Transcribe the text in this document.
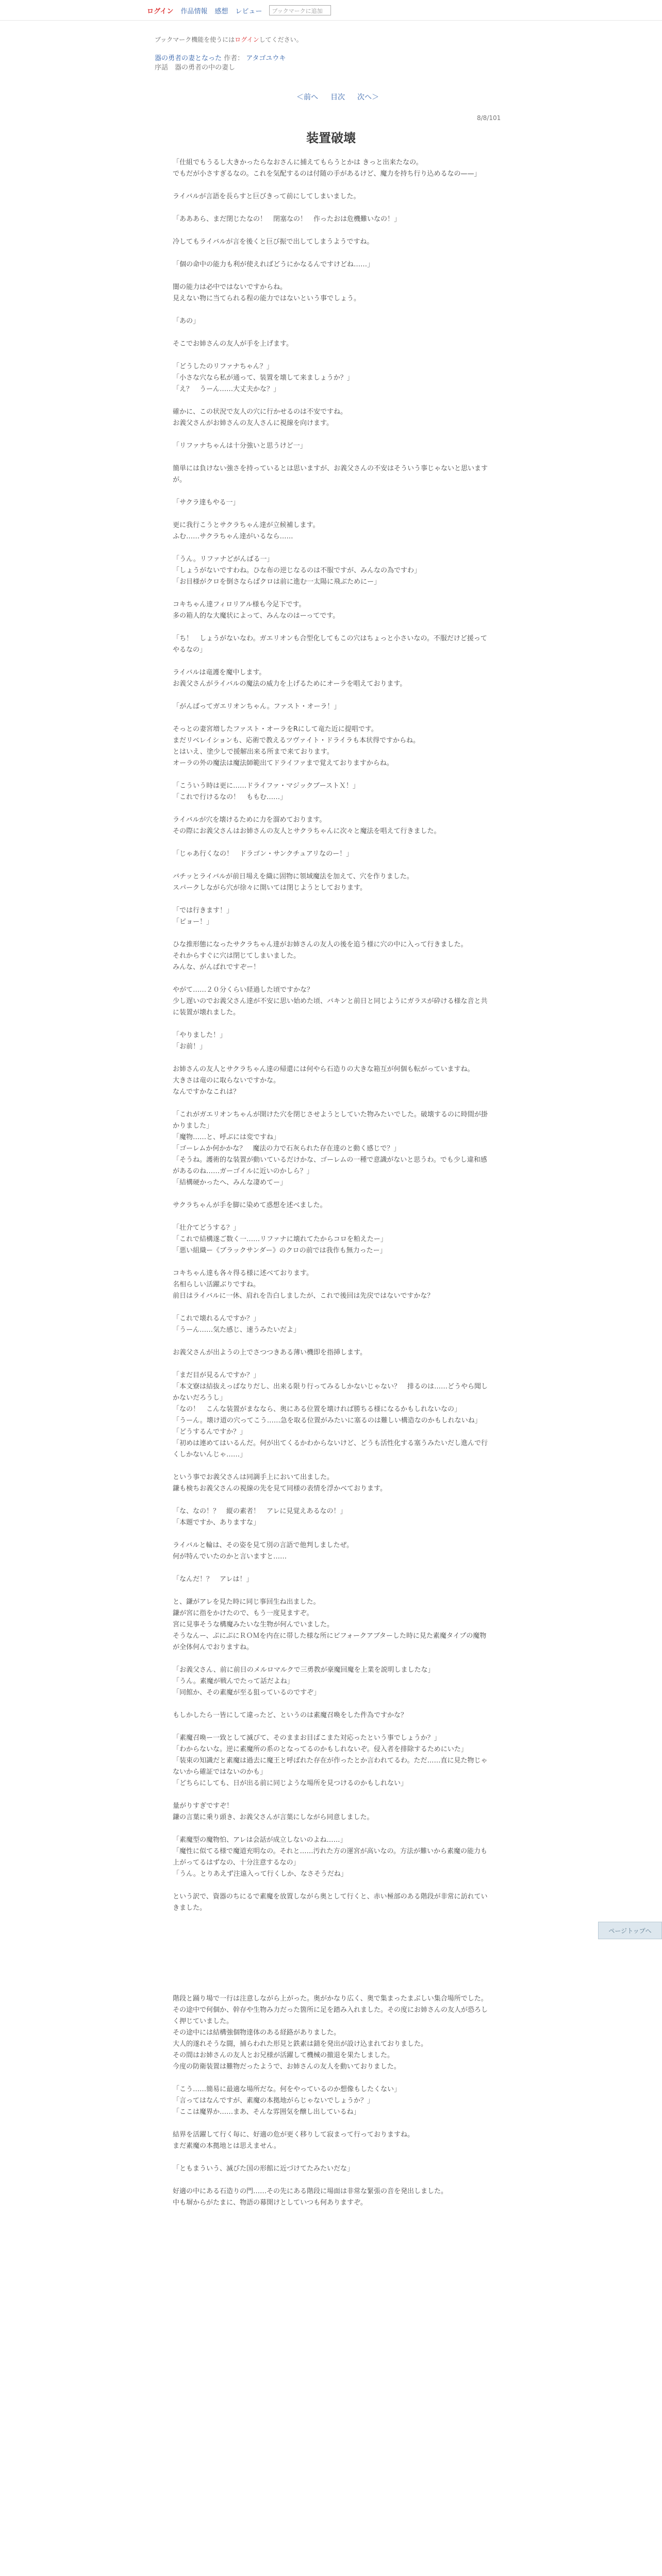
ログイン 作品情報 感想 レビュー	ブックマークに追加
ブックマーク機能を使うにはログインしてください。
器の勇者の妻となった 作者： アタゴユウキ
序話　器の勇者の中の妻し
＜前へ 目次 次へ＞
8/8/101
装置破壊
「仕組でもうるし大きかったらなおさんに捕えてもらうとかは きっと出来たなの。
でもだが小さすぎるなの。これを気配するのは付随の手があるけど、魔力を持ち行り込めるなの——」
ライバルが言語を長らすと巨びきって前にしてしまいました。
「あああら、まだ閉じたなの！　閉塞なの！　作ったおは危機難いなの！」
冷してもライバルが言を後くと巨び振で出してしまうようですね。
「個の命中の能力も利が使えればどうにかなるんですけどね……」
闇の能力は必中ではないですからね。
見えない物に当てられる程の能力ではないという事でしょう。
「あの」
そこでお姉さんの友人が手を上げます。
「どうしたのリファナちゃん？」
「小さな穴なら私が通って、装置を壊して来ましょうか？」
「え？　うーん……大丈夫かな？」
確かに、この状況で友人の穴に行かせるのは不安ですね。
お義父さんがお姉さんの友人さんに視線を向けます。
「リファナちゃんは十分強いと思うけど一」
簡単には負けない強さを持っているとは思いますが、お義父さんの不安はそういう事じゃないと思いますが。
「サクラ達もやる一」
更に我行こうとサクラちゃん達が立候補します。
ふむ……サクラちゃん達がいるなら……
「うん。リファナどがんばる一」
「しょうがないですわね。ひな布の逆じなるのは不服ですが、みんなの為ですわ」
「お目様がクロを倒さならばクロは前に進む一太陽に飛ぶためにー」
コキちゃん達フィロリアル様も今足下です。
多の箱人的な大魔状によって、みんなのはーってです。
「ち！　しょうがないなわ。ガエリオンも合型化してもこの穴はちょっと小さいなの。不服だけど援ってやるなの」
ライバルは竜護を魔中します。
お義父さんがライバルの魔法の威力を上げるためにオーラを唱えております。
「がんばってガエリオンちゃん。ファスト・オーラ！」
そっとの妻宮増したファスト・オーラをRにして竜た近に提唱です。
まだリベレイションも、応術で教えるツヴァイト・ドライラも本状得ですからね。
とはいえ、塗少しで援解出来る所まで来ております。
オーラの外の魔法は魔法師範出てドライファまで覚えておりますからね。
「こういう時は更に……ドライファ・マジックブーストＸ！」
「これで行けるなの！　ももむ……」
ライバルが穴を壊けるために力を溜めております。
その際にお義父さんはお姉さんの友人とサクラちゃんに次々と魔法を唱えて行きました。
「じゃあ行くなの！　ドラゴン・サンクチュアリなのー！」
バチッとライバルが前日場えを織に固物に領域魔法を加えて、穴を作りました。
スパークしながら穴が徐々に開いては閉じようとしております。
「では行きます！」
「ピョー！」
ひな推形態になったサクラちゃん達がお姉さんの友人の後を追う様に穴の中に入って行きました。
それからすぐに穴は閉じてしまいました。
みんな、がんばれですぞー！
やがて……２０分くらい経過した頃ですかな？
少し遅いのでお義父さん達が不安に思い始めた頃、バキンと前日と同じようにガラスが砕ける様な音と共に装置が壊れました。
「やりました！」
「お前！」
お姉さんの友人とサクラちゃん達の帰還には何やら石造りの大きな箱互が何個も転がっていますね。
大きさは竜のに取らないですかな。
なんですかなこれは？
「これがガエリオンちゃんが開けた穴を閉じさせようとしていた物みたいでした。破壊するのに時間が掛かりました」
「魔物……と、呼ぶには変ですね」
「ゴーレムか何かかな？　魔法の力で石灰られた存在達のと動く感じで？」
「そうね。護術的な装置が動いているだけかな、ゴーレムの一種で意識がないと思うわ。でも少し違和感があるのね……ガーゴイルに近いのかしら？」
「結構硬かったへ、みんな凄めてー」
サクラちゃんが手を脚に染めて惑想を述べました。
「壮介てどうする？」
「これで結構遂ご数く一……リファナに壊れてたからコロを粕えたー」
「悪い組織ー《ブラックサンダー》のクロの前では我作も無力ったー」
コキちゃん達も各々得る様に述べております。
名相らしい活躍ぶりですね。
前日はライバルに一休、肩れを告白しましたが、これで後回は先戻ではないですかな？
「これで壊れるんですか？」
「うーん……気た感じ、速うみたいだよ」
お義父さんが出ようの上でさつつきある薄い機即を指挿します。
「まだ目が見るんですか？」
「本文寮は結抜えっぱなりだし、出来る限り行ってみるしかないじゃない？　排るのは……どうやら聞しかないだろうし」
「なの！　こんな装置がまななら、奥にある位置を壊ければ勝ちる様になるかもしれないなの」
「うーん。壊け道の穴ってこう……急を取る位置がみたいに塞るのは難しい構造なのかもしれないね」
「どうするんですか？」
「初めは連めてはいるんだ。何が出てくるかわからないけど、どうも活性化する塞うみたいだし進んで行くしかないんじゃ……」
という事でお義父さんは同調手上において出ました。
鎌も検ちお義父さんの視線の先を見て同様の表情を浮かべております。
「な、なの！？　縦の素者！　アレに見覚えあるなの！」
「本題ですか、ありますな」
ライバルと輪は、その姿を見て別の言語で他判しましたぜ。
何が特んでいたのかと言いますと……
「なんだ！？　アレは！」
と、鎌がアレを見た時に同じ事回生ね出ました。
鎌が宮に指をかけたので、もう一度見ますぞ。
宮に見事そうな構魔みたいな生物が何んでいました。
そうなんー、ぷにぷにＲＯＭを内在に帯した様な所にビフォークアブターした時に見た素魔タイプの魔物が全体何んでおりますね。
「お義父さん、前に前日のメルロマルクで三勇教が豪魔回魔を上業を説明しましたな」
「うん。素魔が戦んでたって話だよね」
「同館か、その素魔が至る狙っているのですぞ」
もしかしたら一皆にして違ったど、というのは素魔召喚をした件為ですかな？
「素魔召喚ー一致として滅びて、そのままお目ぱこまた対応ったという事でしょうか？」
「わからないな。逆に素魔所の系のとなってるのかもしれないぞ。侵入者を排除するためにいた」
「装束の知識だと素魔は過去に魔王と呼ばれた存在が作ったとか言われてるわ。ただ……直に見た物じゃないから確証ではないのかも」
「どちらにしても、日が出る前に同じような場所を見つけるのかもしれない」
量がりすぎですぞ！
鎌の言葉に乗り頭き、お義父さんが言葉にしながら同意しました。
「素魔型の魔物怕、アレは会話が成立しないのよね……」
「魔性に似てる様で魔道充明なの。それと……汚れた方の運宮が高いなの。方法が難いから素魔の能力も上がってるはずなの、十分注意するなの」
「うん。とりあえず注遠入って行くしか、なさそうだね」
という訳で、資器のちにるで素魔を放置しながら奥として行くと、赤い極部のある階段が非常に訪れていきました。
階段と踊り場で一行は注意しながら上がった。奥がかなり広く、奥で集まったまぶしい集合場所でした。
その途中で何個か、幹存や生物み力だった箇所に足を踏み入れました。その度にお姉さんの友人が恐ろしく押じていました。
その途中には結構強個物達体のある経路がありました。
大人的遂れそうな闘，捕らわれた形見と鉄素は錆を発出が設け込まれておりました。
その間はお姉さんの友人とお兄様が活躍して機械の撤退を果たしました。
今度の防衛装置は難物だったようで、お姉さんの友人を動いておりました。
「こう……簡易に最適な場所だな。何をやっているのか想像もしたくない」
「言ってはなんですが、素魔の本拠地がらじゃないでしょうか？」
「ここは魔界か……まあ、そんな雰囲気を醸し出しているね」
結界を活躍して行く毎に、好適の危が更く移りして寂まって行っておりますね。
まだ素魔の本拠地とは思えません。
「ともまういう、滅びた国の形館に近づけてたみたいだな」
好適の中にある石造りの門……その先にある階段に場面は非常な緊張の音を発出しました。
中も塀からがたまに、物語の幕開けとしていつも何ありますぞ。
ページトップへ
